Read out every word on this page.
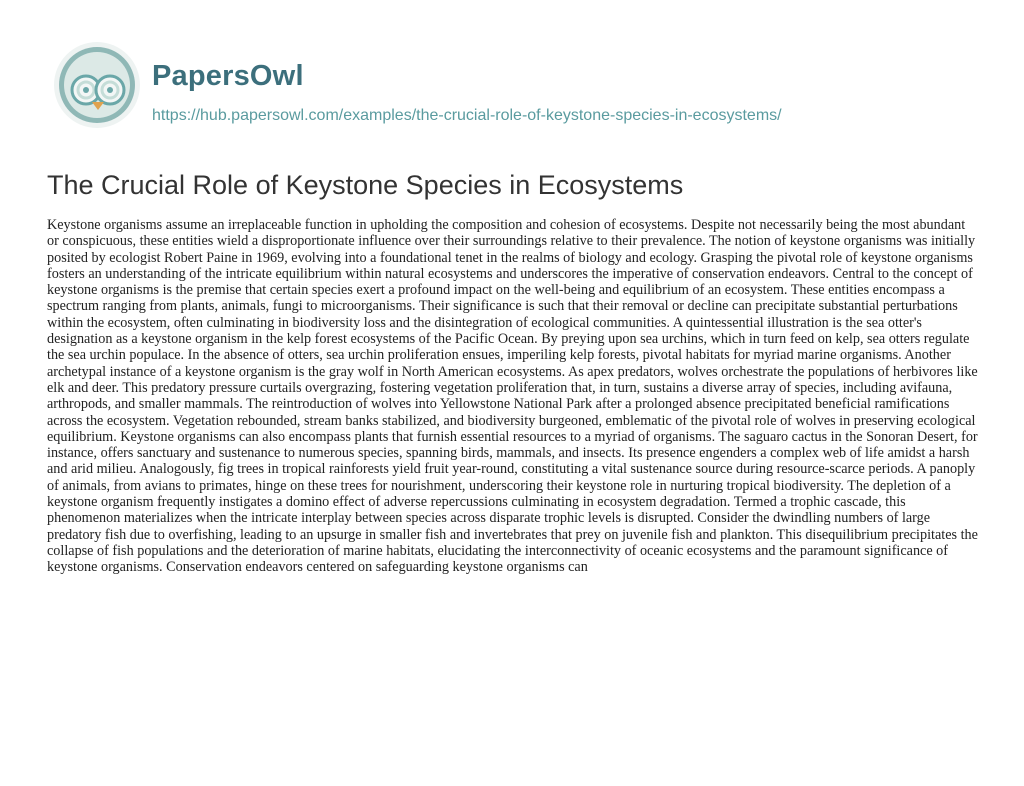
PapersOwl
https://hub.papersowl.com/examples/the-crucial-role-of-keystone-species-in-ecosystems/
The Crucial Role of Keystone Species in Ecosystems

Keystone organisms assume an irreplaceable function in upholding the composition and cohesion of ecosystems. Despite not necessarily being the most abundant or conspicuous, these entities wield a disproportionate influence over their surroundings relative to their prevalence. The notion of keystone organisms was initially posited by ecologist Robert Paine in 1969, evolving into a foundational tenet in the realms of biology and ecology. Grasping the pivotal role of keystone organisms fosters an understanding of the intricate equilibrium within natural ecosystems and underscores the imperative of conservation endeavors. Central to the concept of keystone organisms is the premise that certain species exert a profound impact on the well-being and equilibrium of an ecosystem. These entities encompass a spectrum ranging from plants, animals, fungi to microorganisms. Their significance is such that their removal or decline can precipitate substantial perturbations within the ecosystem, often culminating in biodiversity loss and the disintegration of ecological communities. A quintessential illustration is the sea otter's designation as a keystone organism in the kelp forest ecosystems of the Pacific Ocean. By preying upon sea urchins, which in turn feed on kelp, sea otters regulate the sea urchin populace. In the absence of otters, sea urchin proliferation ensues, imperiling kelp forests, pivotal habitats for myriad marine organisms. Another archetypal instance of a keystone organism is the gray wolf in North American ecosystems. As apex predators, wolves orchestrate the populations of herbivores like elk and deer. This predatory pressure curtails overgrazing, fostering vegetation proliferation that, in turn, sustains a diverse array of species, including avifauna, arthropods, and smaller mammals. The reintroduction of wolves into Yellowstone National Park after a prolonged absence precipitated beneficial ramifications across the ecosystem. Vegetation rebounded, stream banks stabilized, and biodiversity burgeoned, emblematic of the pivotal role of wolves in preserving ecological equilibrium. Keystone organisms can also encompass plants that furnish essential resources to a myriad of organisms. The saguaro cactus in the Sonoran Desert, for instance, offers sanctuary and sustenance to numerous species, spanning birds, mammals, and insects. Its presence engenders a complex web of life amidst a harsh and arid milieu. Analogously, fig trees in tropical rainforests yield fruit year-round, constituting a vital sustenance source during resource-scarce periods. A panoply of animals, from avians to primates, hinge on these trees for nourishment, underscoring their keystone role in nurturing tropical biodiversity. The depletion of a keystone organism frequently instigates a domino effect of adverse repercussions culminating in ecosystem degradation. Termed a trophic cascade, this phenomenon materializes when the intricate interplay between species across disparate trophic levels is disrupted. Consider the dwindling numbers of large predatory fish due to overfishing, leading to an upsurge in smaller fish and invertebrates that prey on juvenile fish and plankton. This disequilibrium precipitates the collapse of fish populations and the deterioration of marine habitats, elucidating the interconnectivity of oceanic ecosystems and the paramount significance of keystone organisms. Conservation endeavors centered on safeguarding keystone organisms can
